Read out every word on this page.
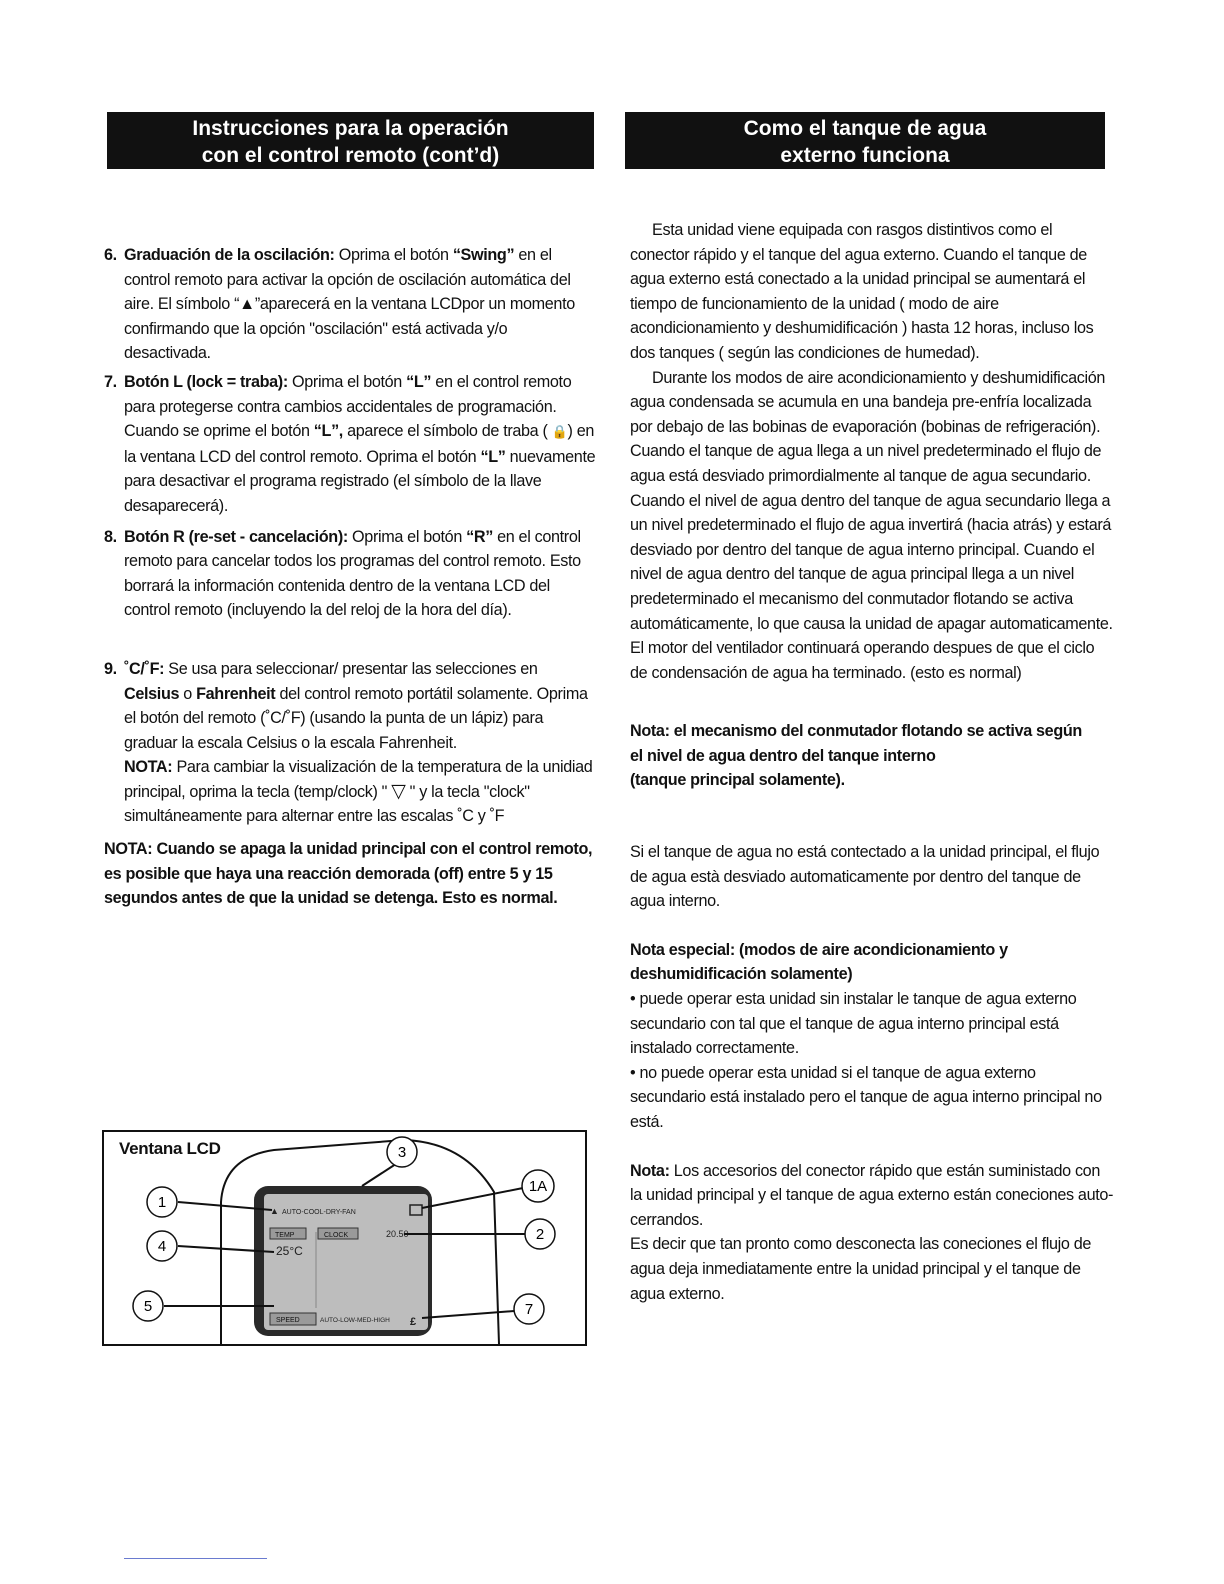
Instrucciones para la operación
con el control remoto (cont’d)
Como el tanque de agua
externo funciona
6. Graduación de la oscilación: Oprima el botón “Swing” en el control remoto para activar la opción de oscilación automática del aire. El símbolo “▲”aparecerá en la ventana LCDpor un momento confirmando que la opción "oscilación" está activada y/o desactivada.
7. Botón L (lock = traba): Oprima el botón “L” en el control remoto para protegerse contra cambios accidentales de programación. Cuando se oprime el botón “L”, aparece el símbolo de traba ( 🔒) en la ventana LCD del control remoto. Oprima el botón “L” nuevamente para desactivar el programa registrado (el símbolo de la llave desaparecerá).
8. Botón R (re-set - cancelación): Oprima el botón “R” en el control remoto para cancelar todos los programas del control remoto. Esto borrará la información contenida dentro de la ventana LCD del control remoto (incluyendo la del reloj de la hora del día).
9. ˚C/˚F: Se usa para seleccionar/ presentar las selecciones en Celsius o Fahrenheit del control remoto portátil solamente. Oprima el botón del remoto (˚C/˚F) (usando la punta de un lápiz) para graduar la escala Celsius o la escala Fahrenheit.
NOTA: Para cambiar la visualización de la temperatura de la unidiad principal, oprima la tecla (temp/clock) " ▽ " y la tecla "clock" simultáneamente para alternar entre las escalas ˚C y ˚F

NOTA: Cuando se apaga la unidad principal con el control remoto, es posible que haya una reacción demorada (off) entre 5 y 15 segundos antes de que la unidad se detenga. Esto es normal.

Ventana LCD
▲ AUTO-COOL-DRY-FAN
TEMP	CLOCK	20.50
25°C
SPEED	AUTO-LOW-MED-HIGH £
1
4
5
3
1A
2
7

Esta unidad viene equipada con rasgos distintivos como el conector rápido y el tanque del agua externo. Cuando el tanque de agua externo está conectado a la unidad principal se aumentará el tiempo de funcionamiento de la unidad ( modo de aire acondicionamiento y deshumidificación ) hasta 12 horas, incluso los dos tanques ( según las condiciones de humedad).

Durante los modos de aire acondicionamiento y deshumidificación agua condensada se acumula en una bandeja pre-enfría localizada por debajo de las bobinas de evaporación (bobinas de refrigeración). Cuando el tanque de agua llega a un nivel predeterminado el flujo de agua está desviado primordialmente al tanque de agua secundario. Cuando el nivel de agua dentro del tanque de agua secundario llega a un nivel predeterminado el flujo de agua invertirá (hacia atrás) y estará desviado por dentro del tanque de agua interno principal. Cuando el nivel de agua dentro del tanque de agua principal llega a un nivel predeterminado el mecanismo del conmutador flotando se activa automáticamente, lo que causa la unidad de apagar automaticamente. El motor del ventilador continuará operando despues de que el ciclo de condensación de agua ha terminado. (esto es normal)

Nota: el mecanismo del conmutador flotando se activa según

el nivel de agua dentro del tanque interno

(tanque principal solamente).

Si el tanque de agua no está contectado a la unidad principal, el flujo de agua està desviado automaticamente por dentro del tanque de agua interno.

Nota especial: (modos de aire acondicionamiento y deshumidificación solamente)

• puede operar esta unidad sin instalar le tanque de agua externo secundario con tal que el tanque de agua interno principal está instalado correctamente.

• no puede operar esta unidad si el tanque de agua externo secundario está instalado pero el tanque de agua interno principal no está.

Nota: Los accesorios del conector rápido que están suministado con la unidad principal y el tanque de agua externo están coneciones auto-cerrandos.

Es decir que tan pronto como desconecta las coneciones el flujo de agua deja inmediatamente entre la unidad principal y el tanque de agua externo.
